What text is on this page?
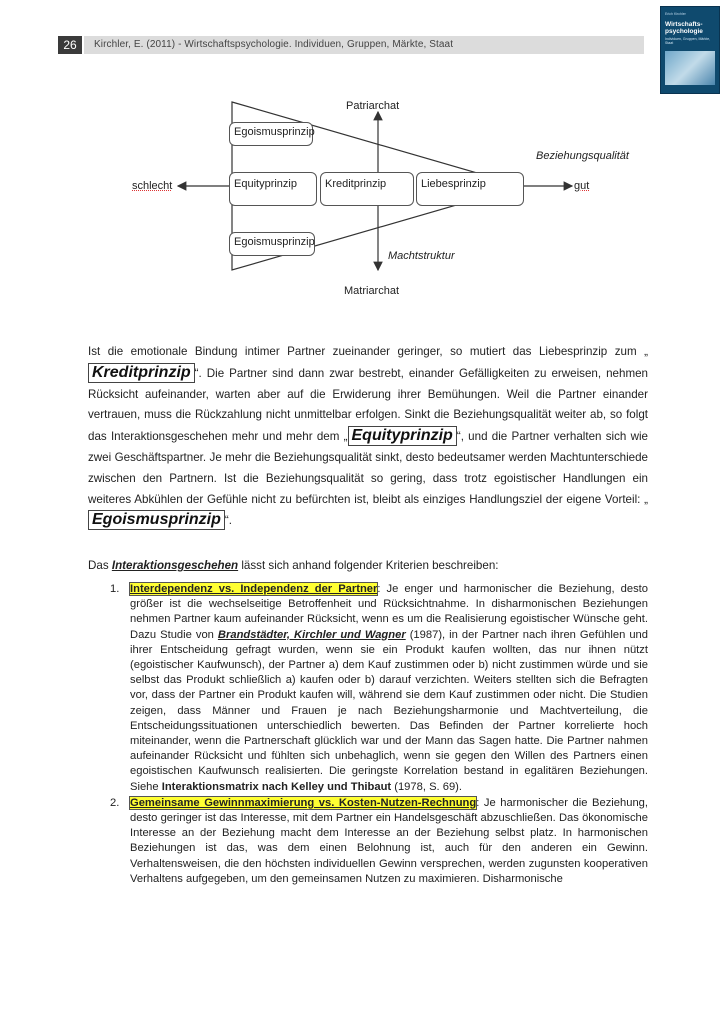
26	Kirchler, E. (2011) - Wirtschaftspsychologie. Individuen, Gruppen, Märkte, Staat
Erich Kirchler
Wirtschafts-psychologie
Individuen, Gruppen, Märkte, Staat
Patriarchat
Matriarchat
schlecht	gut
Beziehungsqualität
Machtstruktur
Egoismusprinzip
Equityprinzip	Kreditprinzip	Liebesprinzip
Egoismusprinzip

Ist die emotionale Bindung intimer Partner zueinander geringer, so mutiert das Liebesprinzip zum „Kreditprinzip “. Die Partner sind dann zwar bestrebt, einander Gefälligkeiten zu erweisen, nehmen Rücksicht aufeinander, warten aber auf die Erwiderung ihrer Bemühungen. Weil die Partner einander vertrauen, muss die Rückzahlung nicht unmittelbar erfolgen. Sinkt die Beziehungsqualität weiter ab, so folgt das Interaktionsgeschehen mehr und mehr dem „ Equityprinzip “, und die Partner verhalten sich wie zwei Geschäftspartner. Je mehr die Beziehungsqualität sinkt, desto bedeutsamer werden Machtunterschiede zwischen den Partnern. Ist die Beziehungsqualität so gering, dass trotz egoistischer Handlungen ein weiteres Abkühlen der Gefühle nicht zu befürchten ist, bleibt als einziges Handlungsziel der eigene Vorteil: „Egoismusprinzip “.

Das Interaktionsgeschehen lässt sich anhand folgender Kriterien beschreiben:
1. Interdependenz vs. Independenz der Partner: Je enger und harmonischer die Beziehung, desto größer ist die wechselseitige Betroffenheit und Rücksichtnahme. In disharmonischen Beziehungen nehmen Partner kaum aufeinander Rücksicht, wenn es um die Realisierung egoistischer Wünsche geht. Dazu Studie von Brandstädter, Kirchler und Wagner (1987), in der Partner nach ihren Gefühlen und ihrer Entscheidung gefragt wurden, wenn sie ein Produkt kaufen wollten, das nur ihnen nützt (egoistischer Kaufwunsch), der Partner a) dem Kauf zustimmen oder b) nicht zustimmen würde und sie selbst das Produkt schließlich a) kaufen oder b) darauf verzichten. Weiters stellten sich die Befragten vor, dass der Partner ein Produkt kaufen will, während sie dem Kauf zustimmen oder nicht. Die Studien zeigen, dass Männer und Frauen je nach Beziehungsharmonie und Machtverteilung, die Entscheidungssituationen unterschiedlich bewerten. Das Befinden der Partner korrelierte hoch miteinander, wenn die Partnerschaft glücklich war und der Mann das Sagen hatte. Die Partner nahmen aufeinander Rücksicht und fühlten sich unbehaglich, wenn sie gegen den Willen des Partners einen egoistischen Kaufwunsch realisierten. Die geringste Korrelation bestand in egalitären Beziehungen. Siehe Interaktionsmatrix nach Kelley und Thibaut (1978, S. 69).
2. Gemeinsame Gewinnmaximierung vs. Kosten-Nutzen-Rechnung: Je harmonischer die Beziehung, desto geringer ist das Interesse, mit dem Partner ein Handelsgeschäft abzuschließen. Das ökonomische Interesse an der Beziehung macht dem Interesse an der Beziehung selbst platz. In harmonischen Beziehungen ist das, was dem einen Belohnung ist, auch für den anderen ein Gewinn. Verhaltensweisen, die den höchsten individuellen Gewinn versprechen, werden zugunsten kooperativen Verhaltens aufgegeben, um den gemeinsamen Nutzen zu maximieren. Disharmonische
